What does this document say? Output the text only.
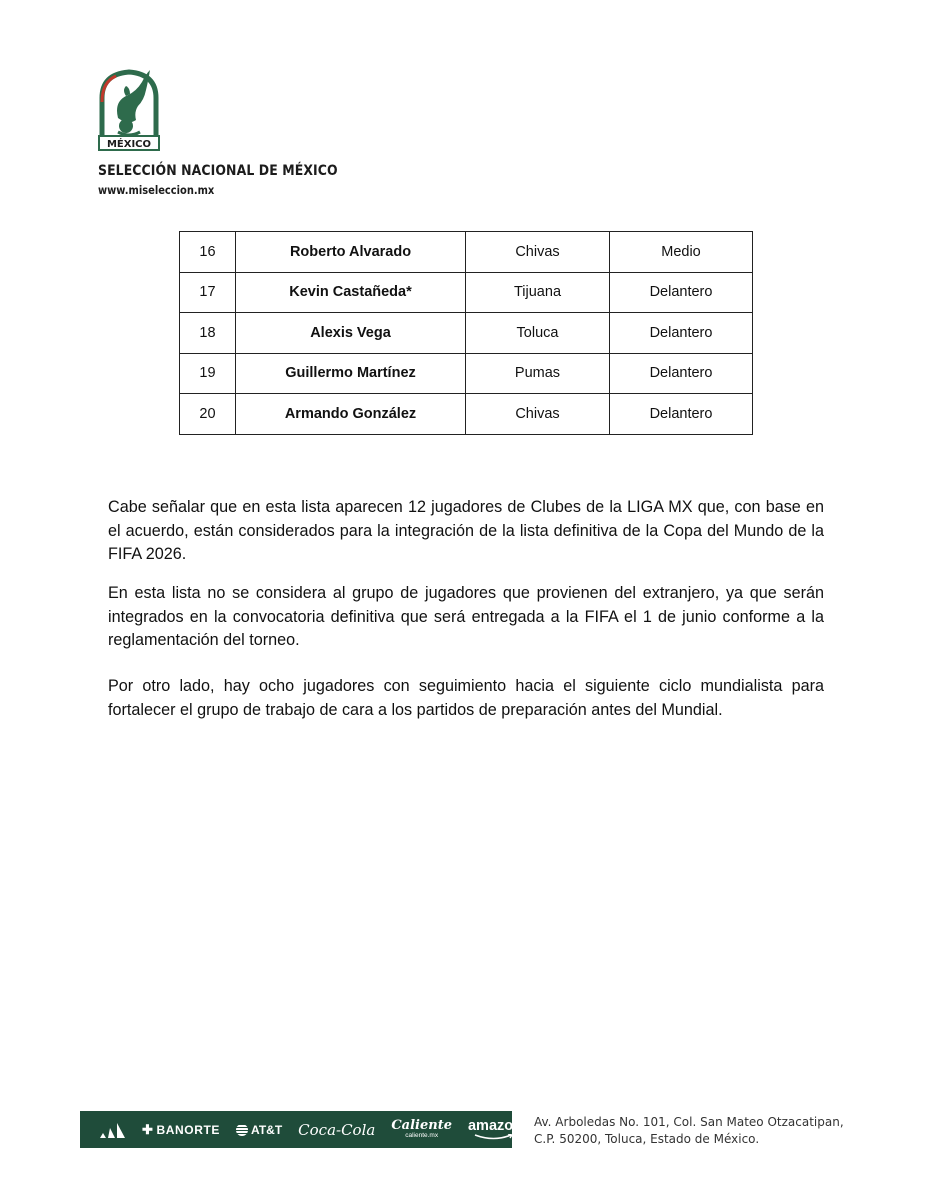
MÉXICO
SELECCIÓN NACIONAL DE MÉXICO
www.miseleccion.mx
16	Roberto Alvarado	Chivas	Medio
17	Kevin Castañeda*	Tijuana	Delantero
18	Alexis Vega	Toluca	Delantero
19	Guillermo Martínez	Pumas	Delantero
20	Armando González	Chivas	Delantero

Cabe señalar que en esta lista aparecen 12 jugadores de Clubes de la LIGA MX que, con base en el acuerdo, están considerados para la integración de la lista definitiva de la Copa del Mundo de la FIFA 2026.

En esta lista no se considera al grupo de jugadores que provienen del extranjero, ya que serán integrados en la convocatoria definitiva que será entregada a la FIFA el 1 de junio conforme a la reglamentación del torneo.

Por otro lado, hay ocho jugadores con seguimiento hacia el siguiente ciclo mundialista para fortalecer el grupo de trabajo de cara a los partidos de preparación antes del Mundial.

✚ BANORTE	AT&T Coca-Cola Caliente
caliente.mx
amazon Av. Arboledas No. 101, Col. San Mateo Otzacatipan,
C.P. 50200, Toluca, Estado de México.
